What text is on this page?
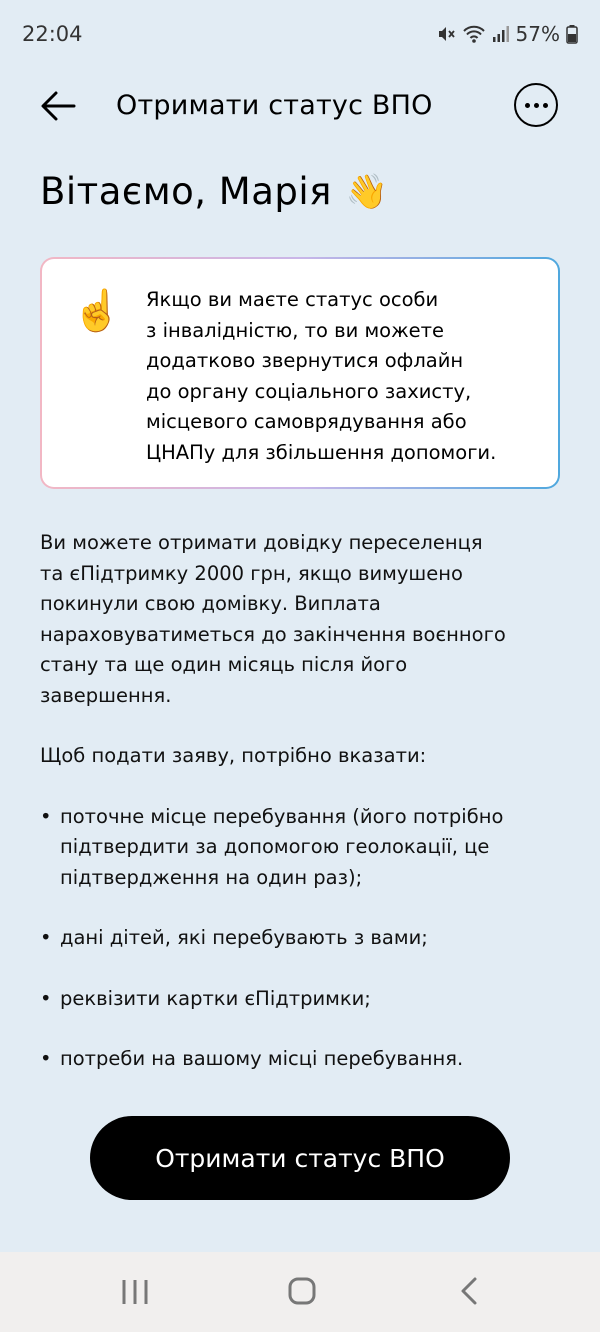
22:04	57%
Отримати статус ВПО
Вітаємо, Марія 👋
☝️ Якщо ви маєте статус особи
з інвалідністю, то ви можете
додатково звернутися офлайн
до органу соціального захисту,
місцевого самоврядування або
ЦНАПу для збільшення допомоги.

Ви можете отримати довідку переселенця
та єПідтримку 2000 грн, якщо вимушено
покинули свою домівку. Виплата
нараховуватиметься до закінчення воєнного
стану та ще один місяць після його
завершення.

Щоб подати заяву, потрібно вказати:

• поточне місце перебування (його потрібно
підтвердити за допомогою геолокації, це
підтвердження на один раз);
• дані дітей, які перебувають з вами;
• реквізити картки єПідтримки;
• потреби на вашому місці перебування.
Отримати статус ВПО
